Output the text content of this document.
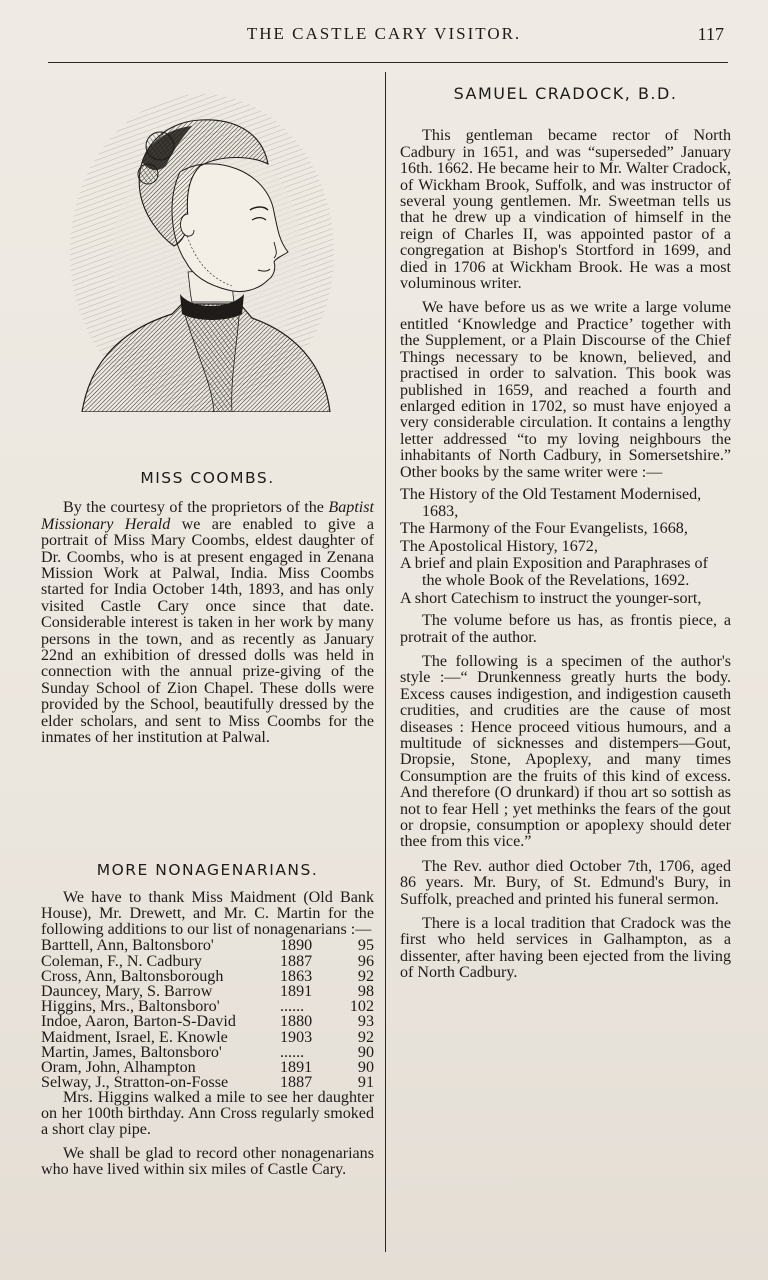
THE CASTLE CARY VISITOR.	117
MISS COOMBS.

By the courtesy of the proprietors of the Baptist Missionary Herald we are enabled to give a portrait of Miss Mary Coombs, eldest daughter of Dr. Coombs, who is at present engaged in Zenana Mission Work at Palwal, India. Miss Coombs started for India October 14th, 1893, and has only visited Castle Cary once since that date. Considerable interest is taken in her work by many persons in the town, and as recently as January 22nd an exhibition of dressed dolls was held in connection with the annual prize-giving of the Sunday School of Zion Chapel. These dolls were provided by the School, beautifully dressed by the elder scholars, and sent to Miss Coombs for the inmates of her institution at Palwal.

MORE NONAGENARIANS.

We have to thank Miss Maidment (Old Bank House), Mr. Drewett, and Mr. C. Martin for the following additions to our list of nonagenarians :—

Barttell, Ann, Baltonsboro'	1890	95
Coleman, F., N. Cadbury	1887	96
Cross, Ann, Baltonsborough	1863	92
Dauncey, Mary, S. Barrow	1891	98
Higgins, Mrs., Baltonsboro'	......	102
Indoe, Aaron, Barton-S-David	1880	93
Maidment, Israel, E. Knowle	1903	92
Martin, James, Baltonsboro'	......	90
Oram, John, Alhampton	1891	90
Selway, J., Stratton-on-Fosse	1887	91

Mrs. Higgins walked a mile to see her daughter on her 100th birthday. Ann Cross regularly smoked a short clay pipe.

We shall be glad to record other nonagenarians who have lived within six miles of Castle Cary.

SAMUEL CRADOCK, B.D.

This gentleman became rector of North Cadbury in 1651, and was “superseded” January 16th. 1662. He became heir to Mr. Walter Cradock, of Wickham Brook, Suffolk, and was instructor of several young gentlemen. Mr. Sweetman tells us that he drew up a vindication of himself in the reign of Charles II, was appointed pastor of a congregation at Bishop's Stortford in 1699, and died in 1706 at Wickham Brook. He was a most voluminous writer.

We have before us as we write a large volume entitled ‘Knowledge and Practice’ together with the Supplement, or a Plain Discourse of the Chief Things necessary to be known, believed, and practised in order to salvation. This book was published in 1659, and reached a fourth and enlarged edition in 1702, so must have enjoyed a very considerable circulation. It contains a lengthy letter addressed “to my loving neighbours the inhabitants of North Cadbury, in Somersetshire.” Other books by the same writer were :—

The History of the Old Testament Modernised, 1683,
The Harmony of the Four Evangelists, 1668,
The Apostolical History, 1672,
A brief and plain Exposition and Paraphrases of the whole Book of the Revelations, 1692.
A short Catechism to instruct the younger-sort,

The volume before us has, as frontis piece, a protrait of the author.

The following is a specimen of the author's style :—“ Drunkenness greatly hurts the body. Excess causes indigestion, and indigestion causeth crudities, and crudities are the cause of most diseases : Hence proceed vitious humours, and a multitude of sicknesses and distempers—Gout, Dropsie, Stone, Apoplexy, and many times Consumption are the fruits of this kind of excess. And therefore (O drunkard) if thou art so sottish as not to fear Hell ; yet methinks the fears of the gout or dropsie, consumption or apoplexy should deter thee from this vice.”

The Rev. author died October 7th, 1706, aged 86 years. Mr. Bury, of St. Edmund's Bury, in Suffolk, preached and printed his funeral sermon.

There is a local tradition that Cradock was the first who held services in Galhampton, as a dissenter, after having been ejected from the living of North Cadbury.
